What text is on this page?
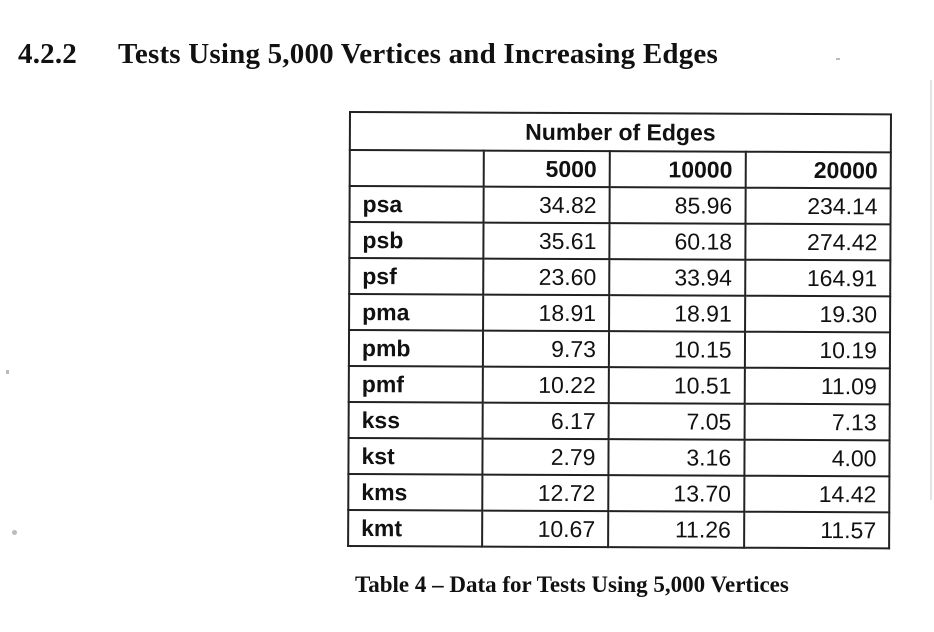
4.2.2 Tests Using 5,000 Vertices and Increasing Edges
Number of Edges			
	5000	10000	20000
psa	34.82	85.96	234.14
psb	35.61	60.18	274.42
psf	23.60	33.94	164.91
pma	18.91	18.91	19.30
pmb	9.73	10.15	10.19
pmf	10.22	10.51	11.09
kss	6.17	7.05	7.13
kst	2.79	3.16	4.00
kms	12.72	13.70	14.42
kmt	10.67	11.26	11.57
Table 4 – Data for Tests Using 5,000 Vertices
